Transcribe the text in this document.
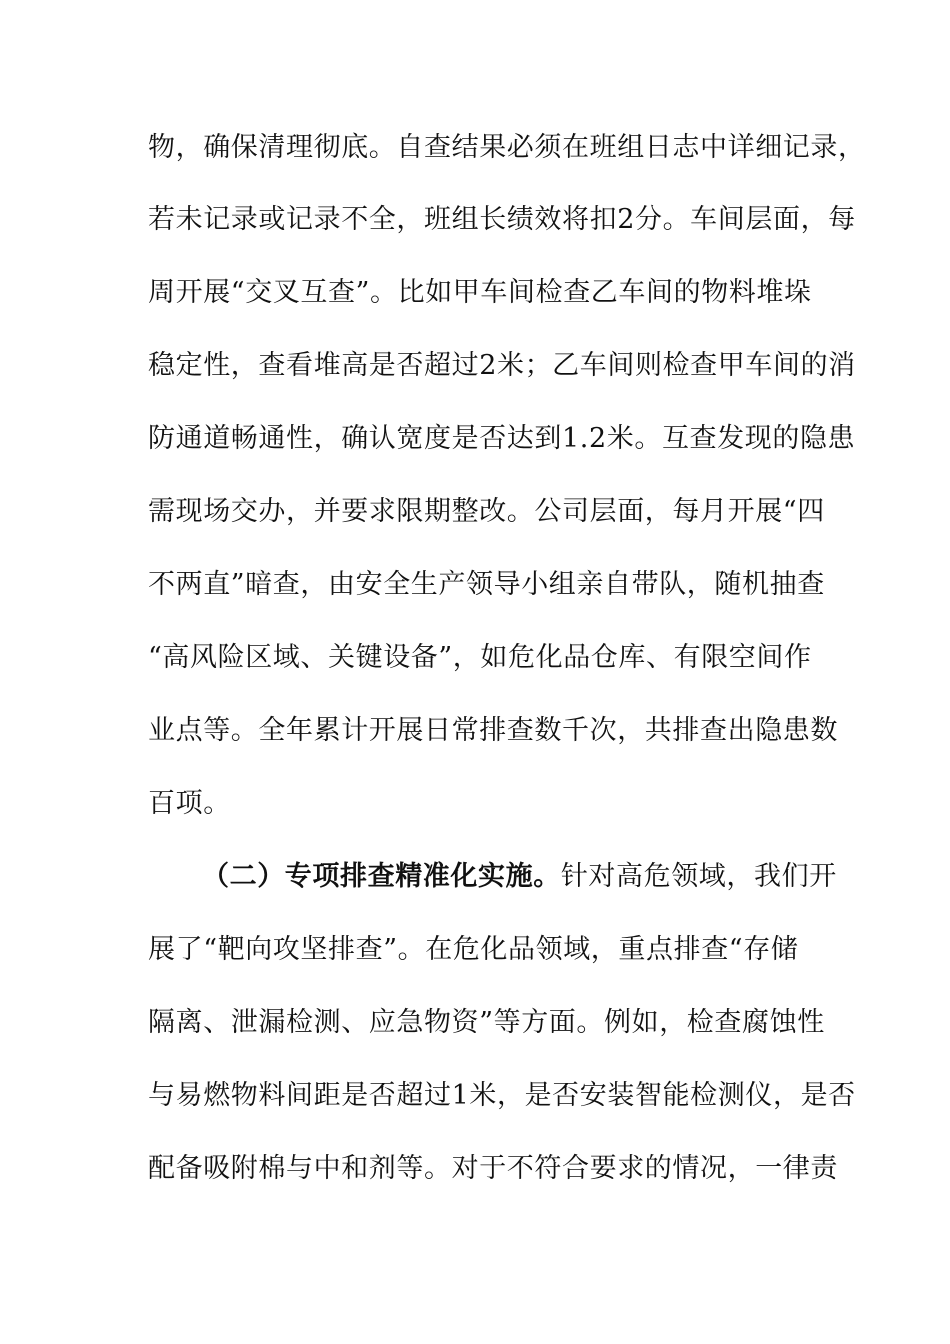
物，确保清理彻底。自查结果必须在班组日志中详细记录，
若未记录或记录不全，班组长绩效将扣2分。车间层面，每
周开展“交叉互查”。比如甲车间检查乙车间的物料堆垛
稳定性，查看堆高是否超过2米；乙车间则检查甲车间的消
防通道畅通性，确认宽度是否达到1.2米。互查发现的隐患
需现场交办，并要求限期整改。公司层面，每月开展“四
不两直”暗查，由安全生产领导小组亲自带队，随机抽查
“高风险区域、关键设备”，如危化品仓库、有限空间作
业点等。全年累计开展日常排查数千次，共排查出隐患数
百项。
（二）专项排查精准化实施。针对高危领域，我们开
展了“靶向攻坚排查”。在危化品领域，重点排查“存储
隔离、泄漏检测、应急物资”等方面。例如，检查腐蚀性
与易燃物料间距是否超过1米，是否安装智能检测仪，是否
配备吸附棉与中和剂等。对于不符合要求的情况，一律责
